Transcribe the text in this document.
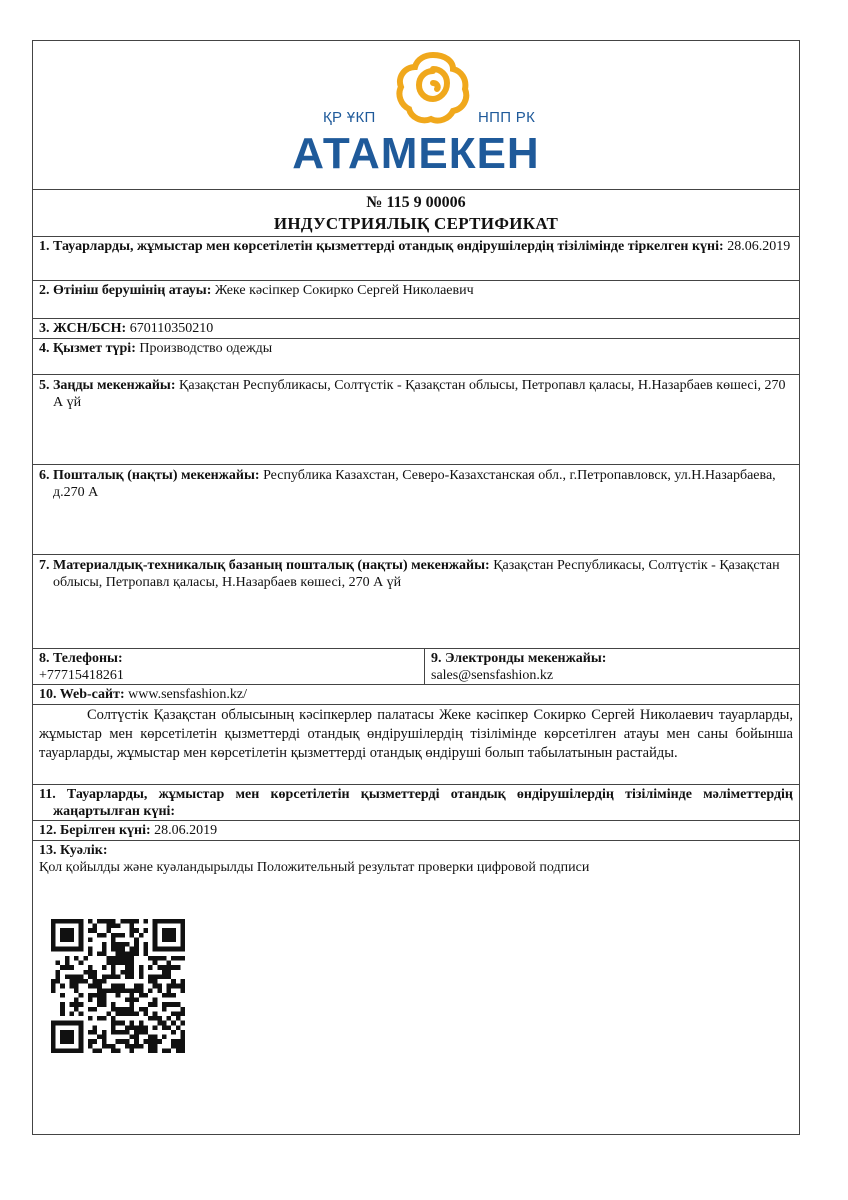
ҚР ҰКП	НПП РК
АТАМЕКЕН
№ 115 9 00006
ИНДУСТРИЯЛЫҚ СЕРТИФИКАТ
1. Тауарларды, жұмыстар мен көрсетілетін қызметтерді отандық өндірушілердің тізілімінде тіркелген күні: 28.06.2019
2. Өтініш берушінің атауы: Жеке кәсіпкер Сокирко Сергей Николаевич
3. ЖСН/БСН: 670110350210
4. Қызмет түрі: Производство одежды
5. Заңды мекенжайы: Қазақстан Республикасы, Солтүстік - Қазақстан облысы, Петропавл қаласы, Н.Назарбаев көшесі, 270 А үй
6. Пошталық (нақты) мекенжайы: Республика Казахстан, Северо-Казахстанская обл., г.Петропавловск, ул.Н.Назарбаева, д.270 А
7. Материалдық-техникалық базаның пошталық (нақты) мекенжайы: Қазақстан Республикасы, Солтүстік - Қазақстан облысы, Петропавл қаласы, Н.Назарбаев көшесі, 270 А үй
8. Телефоны:
+77715418261
9. Электронды мекенжайы:
sales@sensfashion.kz
10. Web-сайт: www.sensfashion.kz/
Солтүстік Қазақстан облысының кәсіпкерлер палатасы Жеке кәсіпкер Сокирко Сергей Николаевич тауарларды, жұмыстар мен көрсетілетін қызметтерді отандық өндірушілердің тізілімінде көрсетілген атауы мен саны бойынша тауарларды, жұмыстар мен көрсетілетін қызметтерді отандық өндіруші болып табылатынын растайды.
11. Тауарларды, жұмыстар мен көрсетілетін қызметтерді отандық өндірушілердің тізілімінде мәліметтердің жаңартылған күні:
12. Берілген күні: 28.06.2019
13. Куәлік:
Қол қойылды және куәландырылды Положительный результат проверки цифровой подписи
